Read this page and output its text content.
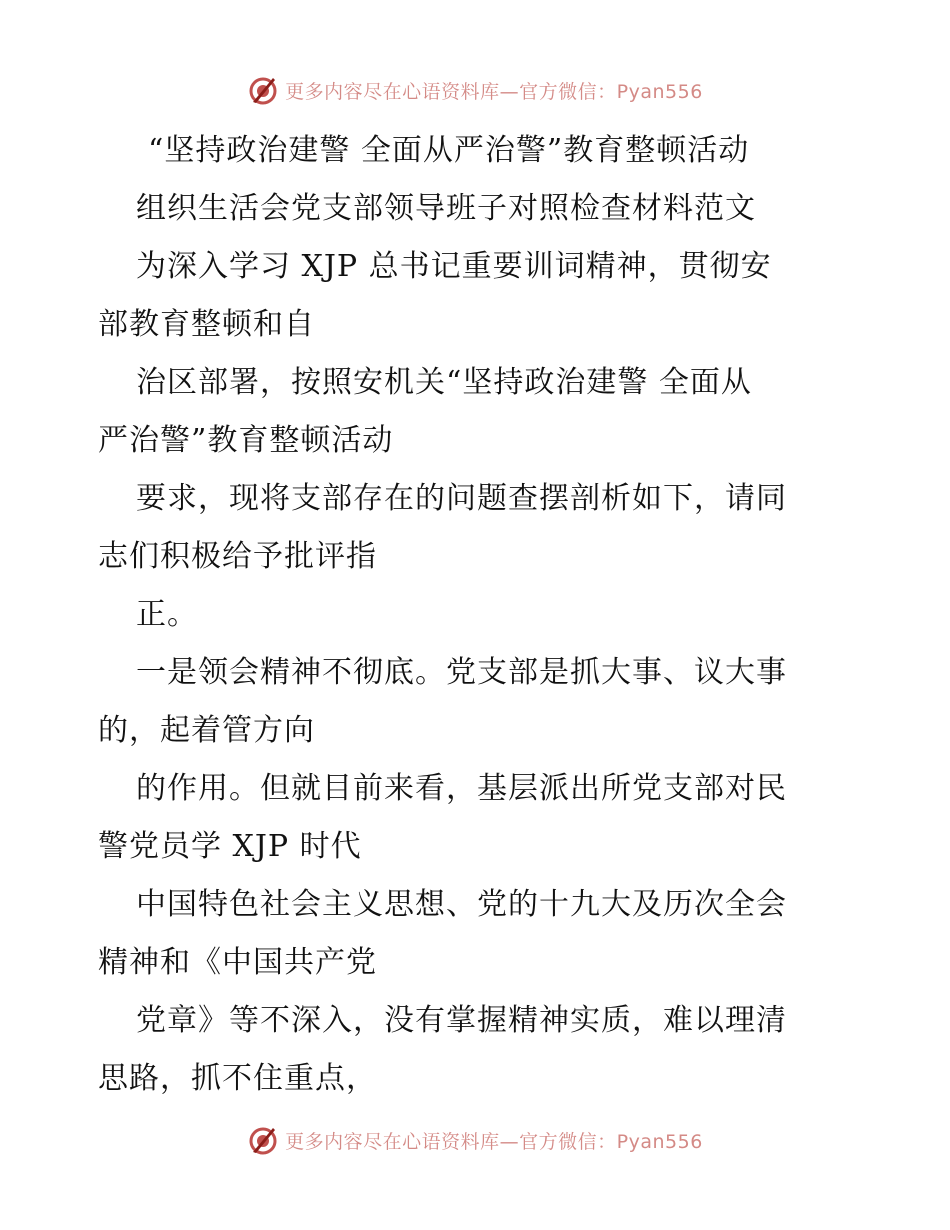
更多内容尽在心语资料库—官方微信：Pyan556
“坚持政治建警 全面从严治警”教育整顿活动
组织生活会党支部领导班子对照检查材料范文
为深入学习 XJP 总书记重要训词精神，贯彻安
部教育整顿和自
治区部署，按照安机关“坚持政治建警 全面从
严治警”教育整顿活动
要求，现将支部存在的问题查摆剖析如下，请同
志们积极给予批评指
正。
一是领会精神不彻底。党支部是抓大事、议大事
的，起着管方向
的作用。但就目前来看，基层派出所党支部对民
警党员学 XJP 时代
中国特色社会主义思想、党的十九大及历次全会
精神和《中国共产党
党章》等不深入，没有掌握精神实质，难以理清
思路，抓不住重点，
更多内容尽在心语资料库—官方微信：Pyan556
